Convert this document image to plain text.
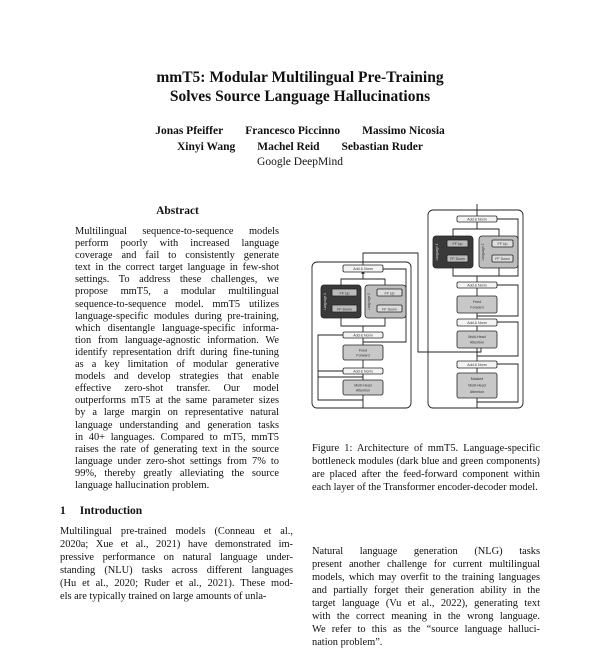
mmT5: Modular Multilingual Pre-Training
Solves Source Language Hallucinations
Jonas Pfeiffer Francesco Piccinno Massimo Nicosia
Xinyi Wang Machel Reid Sebastian Ruder
Google DeepMind
Abstract
Multilingual sequence-to-sequence models
perform poorly with increased language
coverage and fail to consistently generate
text in the correct target language in few-shot
settings. To address these challenges, we
propose mmT5, a modular multilingual
sequence-to-sequence model. mmT5 utilizes
language-specific modules during pre-training,
which disentangle language-specific informa-
tion from language-agnostic information. We
identify representation drift during fine-tuning
as a key limitation of modular generative
models and develop strategies that enable
effective zero-shot transfer. Our model
outperforms mT5 at the same parameter sizes
by a large margin on representative natural
language understanding and generation tasks
in 40+ languages. Compared to mT5, mmT5
raises the rate of generating text in the source
language under zero-shot settings from 7% to
99%, thereby greatly alleviating the source
language hallucination problem.
1 Introduction
Multilingual pre-trained models (Conneau et al.,
2020a; Xue et al., 2021) have demonstrated im-
pressive performance on natural language under-
standing (NLU) tasks across different languages
(Hu et al., 2020; Ruder et al., 2021). These mod-
els are typically trained on large amounts of unla-
Figure 1: Architecture of mmT5. Language-specific
bottleneck modules (dark blue and green components)
are placed after the feed-forward component within
each layer of the Transformer encoder-decoder model.
Natural language generation (NLG) tasks
present another challenge for current multilingual
models, which may overfit to the training languages
and partially forget their generation ability in the
target language (Vu et al., 2022), generating text
with the correct meaning in the wrong language.
We refer to this as the “source language halluci-
nation problem”.
Add & Norm
FF Up
FF Down
FF Up
FF Down
Language 1	Language 2
Add & Norm
Feed
Forward
Add & Norm
Multi-Head
Attention
Add & Norm
FF Up
FF Down
FF Up
FF Down
Language 1	Language 2
Add & Norm
Feed
Forward
Add & Norm
Multi-Head
Attention
Add & Norm
Masked
Multi-Head
Attention
